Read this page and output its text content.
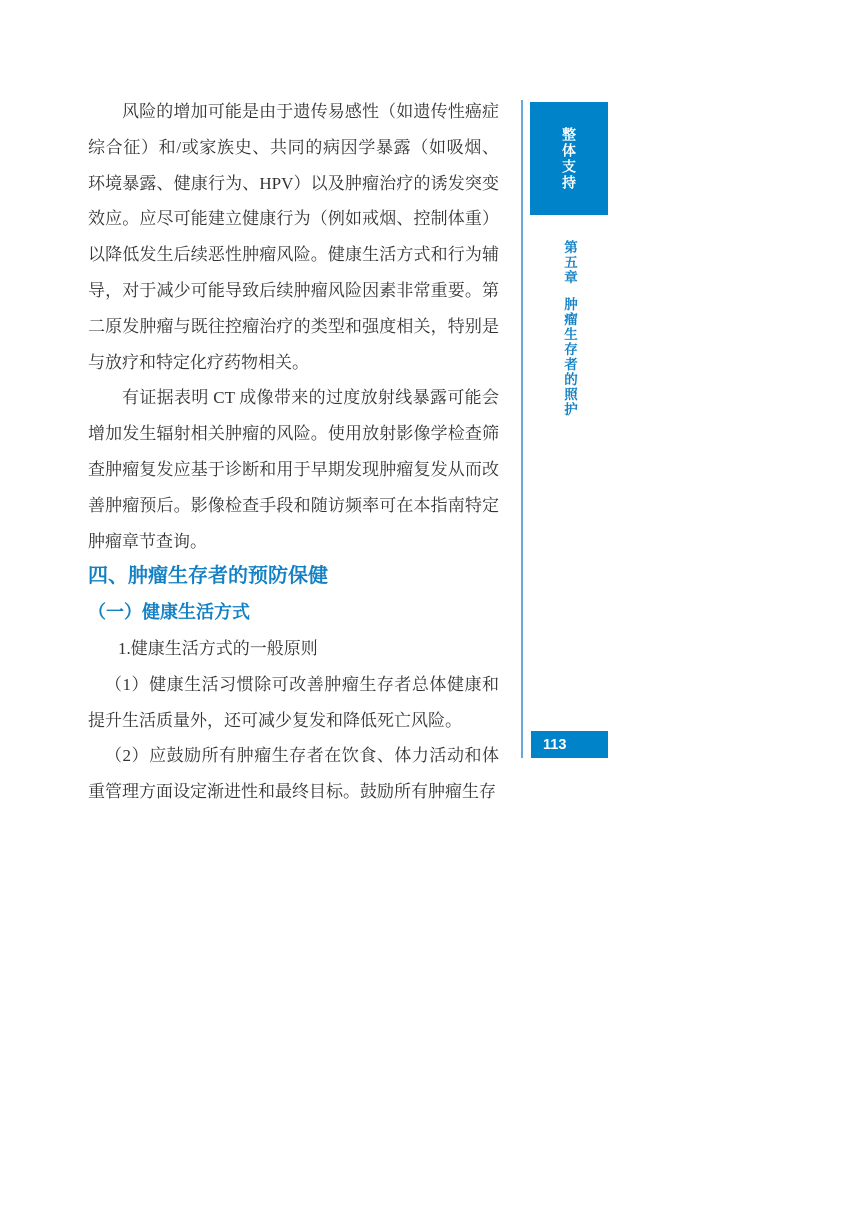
风险的增加可能是由于遗传易感性（如遗传性癌症综合征）和/或家族史、共同的病因学暴露（如吸烟、环境暴露、健康行为、HPV）以及肿瘤治疗的诱发突变效应。应尽可能建立健康行为（例如戒烟、控制体重）以降低发生后续恶性肿瘤风险。健康生活方式和行为辅导，对于减少可能导致后续肿瘤风险因素非常重要。第二原发肿瘤与既往控瘤治疗的类型和强度相关，特别是与放疗和特定化疗药物相关。

有证据表明 CT 成像带来的过度放射线暴露可能会增加发生辐射相关肿瘤的风险。使用放射影像学检查筛查肿瘤复发应基于诊断和用于早期发现肿瘤复发从而改善肿瘤预后。影像检查手段和随访频率可在本指南特定肿瘤章节查询。

四、肿瘤生存者的预防保健

（一）健康生活方式

1.健康生活方式的一般原则

（1）健康生活习惯除可改善肿瘤生存者总体健康和提升生活质量外，还可减少复发和降低死亡风险。

（2）应鼓励所有肿瘤生存者在饮食、体力活动和体重管理方面设定渐进性和最终目标。鼓励所有肿瘤生存

整体支持
第五章
肿瘤生存者的照护
113
